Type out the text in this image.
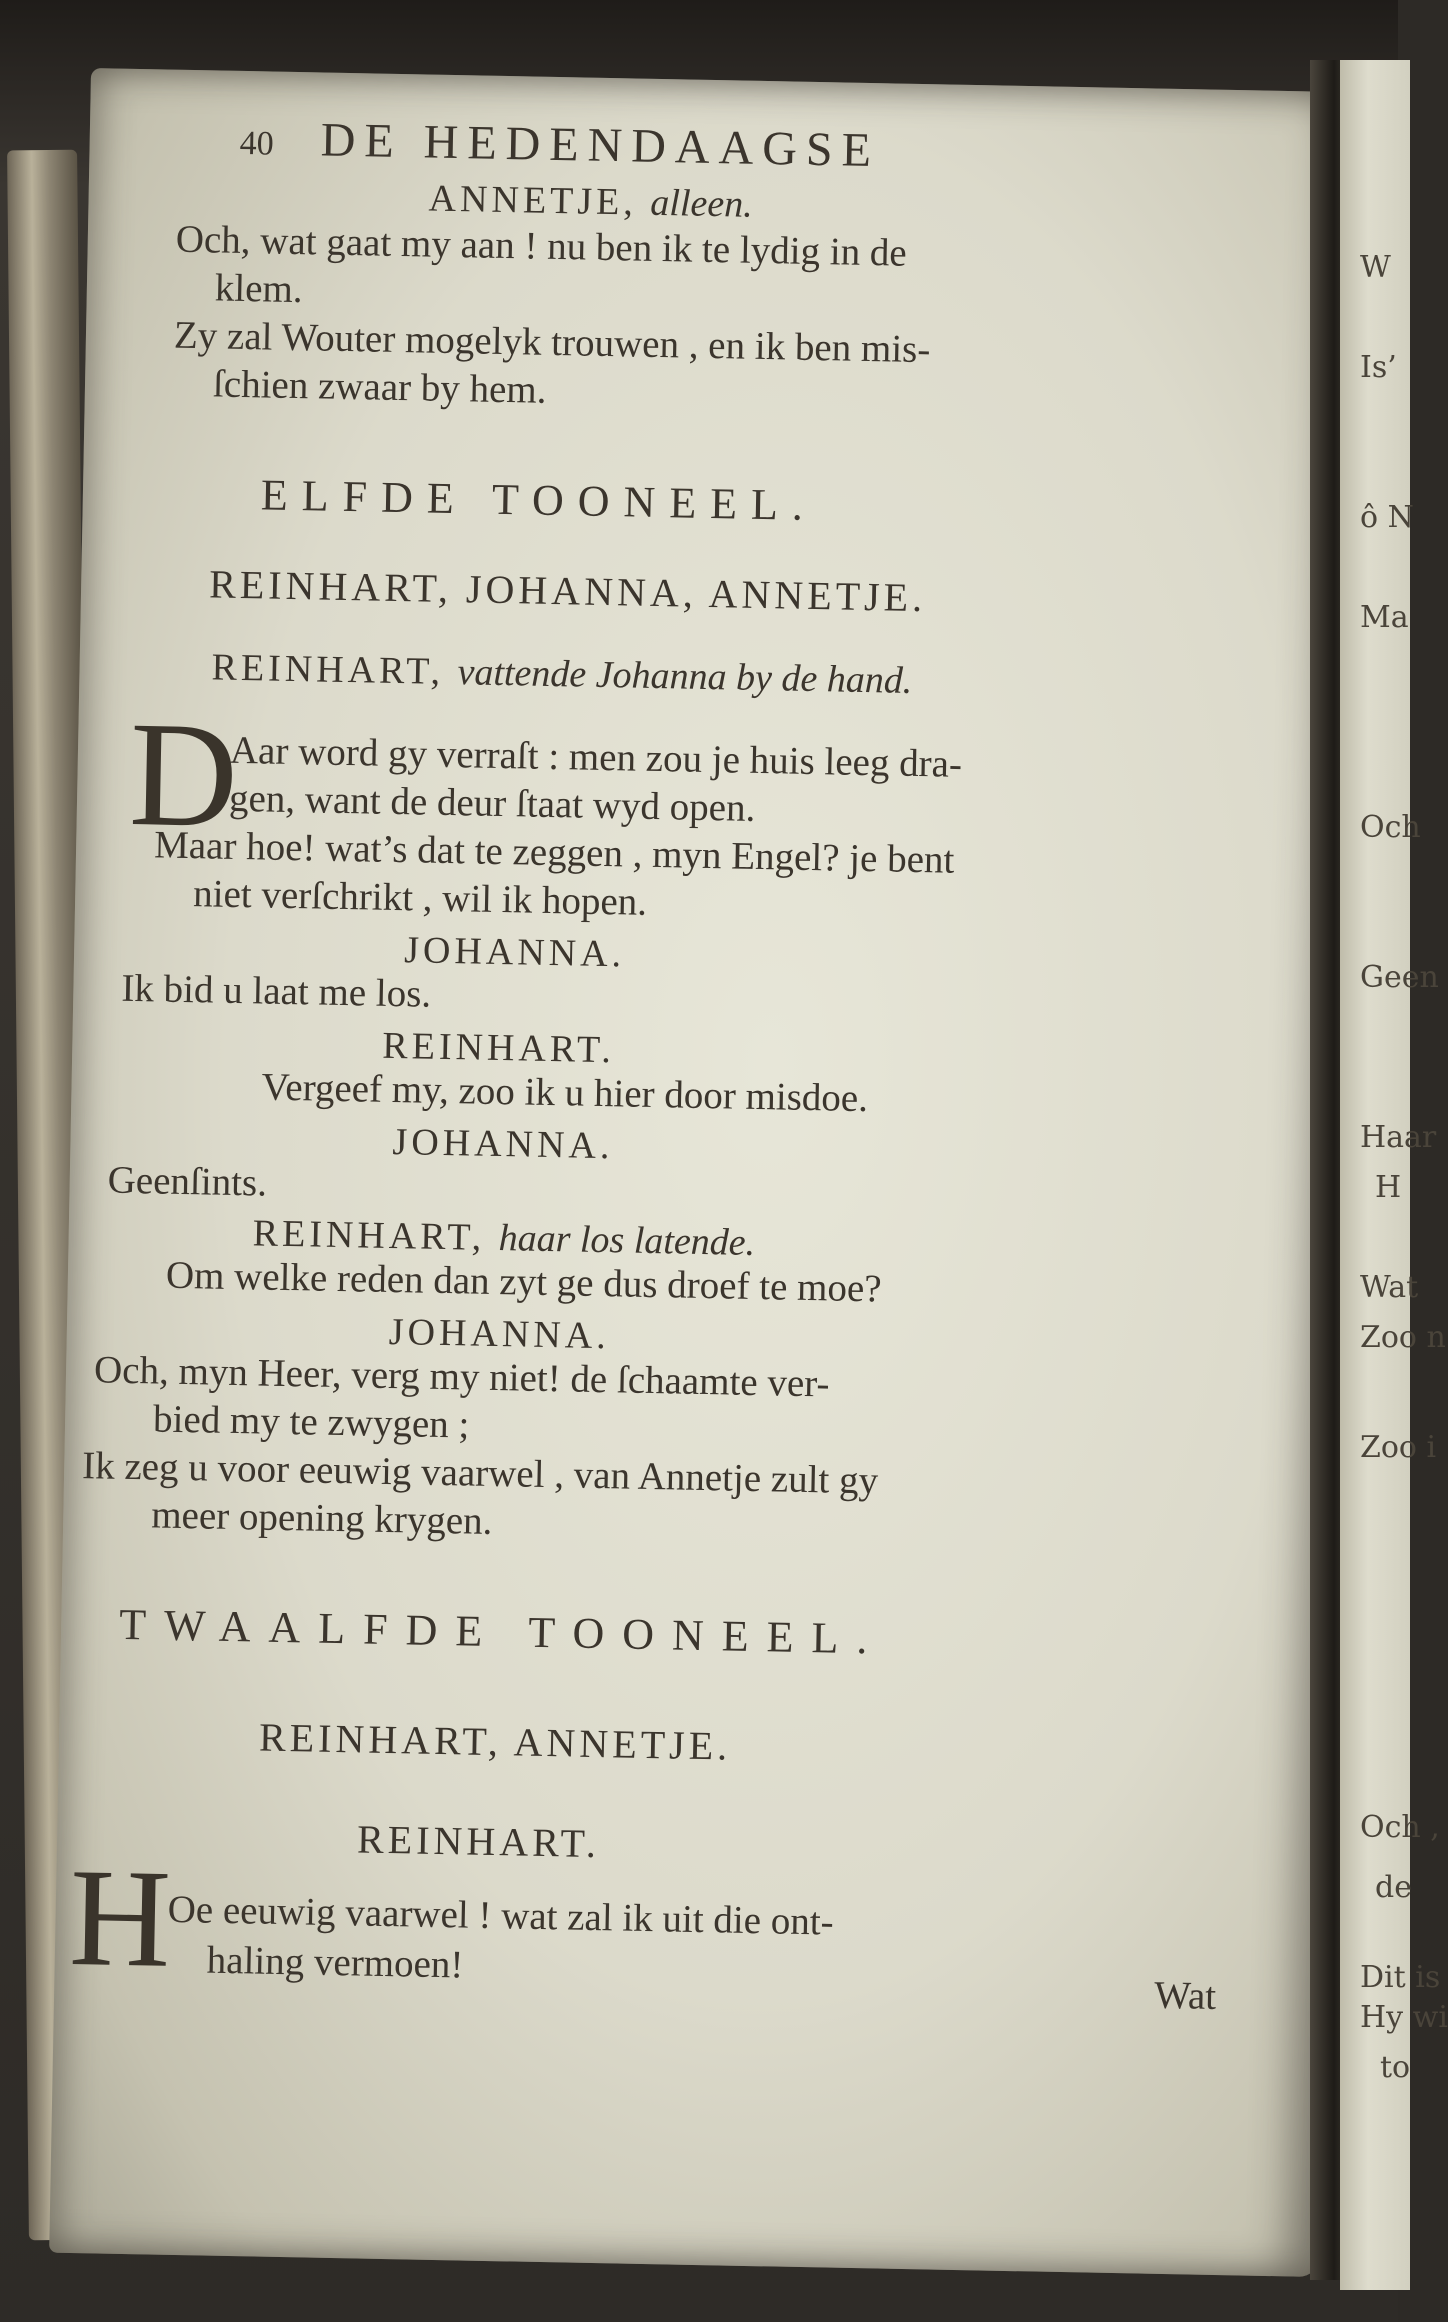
40 DE HEDENDAAGSE
ANNETJE, alleen.
Och, wat gaat my aan ! nu ben ik te lydig in de
klem.
Zy zal Wouter mogelyk trouwen , en ik ben mis-
ſchien zwaar by hem.
ELFDE TOONEEL.
REINHART, JOHANNA, ANNETJE.
REINHART, vattende Johanna by de hand.
D
Aar word gy verraſt : men zou je huis leeg dra-
gen, want de deur ſtaat wyd open.
Maar hoe! wat’s dat te zeggen , myn Engel? je bent
niet verſchrikt , wil ik hopen.
JOHANNA.
Ik bid u laat me los.
REINHART.
Vergeef my, zoo ik u hier door misdoe.
JOHANNA.
Geenſints.
REINHART, haar los latende.
Om welke reden dan zyt ge dus droef te moe?
JOHANNA.
Och, myn Heer, verg my niet! de ſchaamte ver-
bied my te zwygen ;
Ik zeg u voor eeuwig vaarwel , van Annetje zult gy
meer opening krygen.
TWAALFDE TOONEEL.
REINHART, ANNETJE.
REINHART.
H
Oe eeuwig vaarwel ! wat zal ik uit die ont-
haling vermoen!
Wat
W
Is’
ô N
Ma
Och
Geen
Haar
H
Wat
Zoo n
Zoo i
Och ,
de
Dit is
Hy wi
to
